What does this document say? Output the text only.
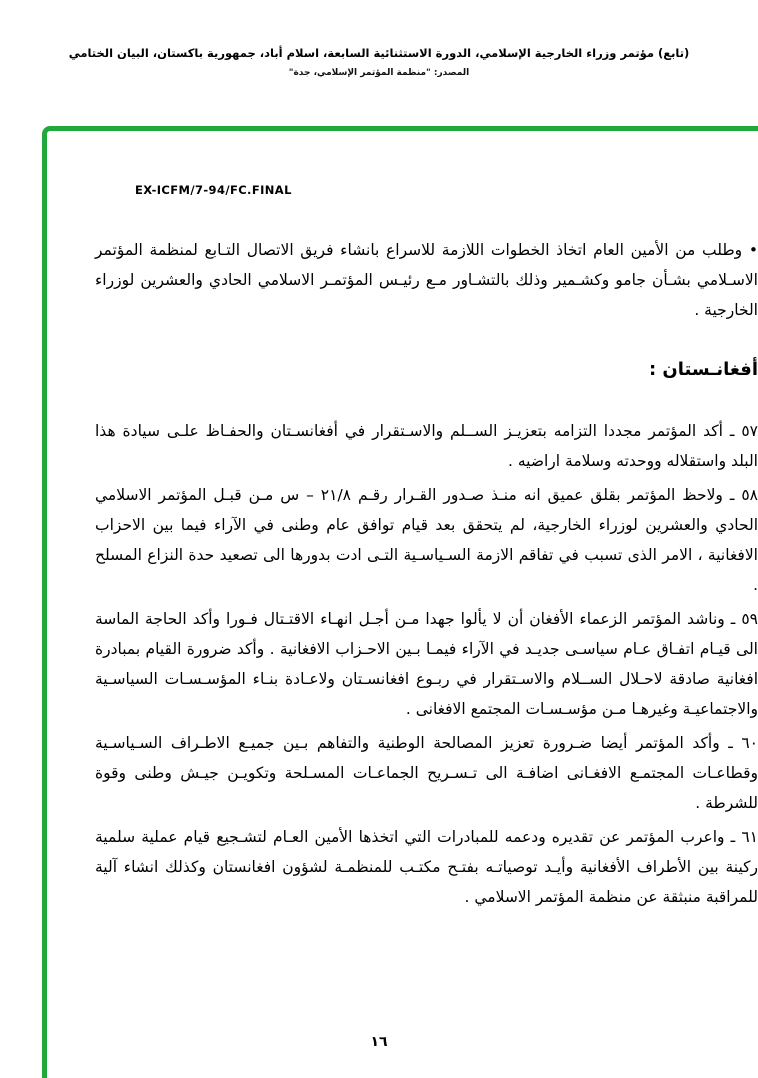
(تابع) مؤتمر وزراء الخارجية الإسلامي، الدورة الاستثنائية السابعة، اسلام أباد، جمهورية باكستان، البيان الختامي
المصدر: "منظمة المؤتمر الإسلامي، جدة"
EX-ICFM/7-94/FC.FINAL

• وطلب من الأمين العام اتخاذ الخطوات اللازمة للاسراع بانشاء فريق الاتصال التـابع لمنظمة المؤتمر الاسـلامي بشـأن جامو وكشـمير وذلك بالتشـاور مـع رئيـس المؤتمـر الاسلامي الحادي والعشرين لوزراء الخارجية .

أفغانـستان :

٥٧ ـ أكد المؤتمر مجددا التزامه بتعزيـز الســلم والاسـتقرار في أفغانسـتان والحفـاظ علـى سيادة هذا البلد واستقلاله ووحدته وسلامة اراضيه .

٥٨ ـ ولاحظ المؤتمر بقلق عميق انه منـذ صـدور القـرار رقـم ٢١/٨ – س مـن قبـل المؤتمر الاسلامي الحادي والعشرين لوزراء الخارجية، لم يتحقق بعد قيام توافق عام وطنى في الآراء فيما بين الاحزاب الافغانية ، الامر الذى تسبب في تفاقم الازمة السـياسـية التـى ادت بدورها الى تصعيد حدة النزاع المسلح .

٥٩ ـ وناشد المؤتمر الزعماء الأفغان أن لا يألوا جهدا مـن أجـل انهـاء الاقتـتال فـورا وأكد الحاجة الماسة الى قيـام اتفـاق عـام سياسـى جديـد في الآراء فيمـا بـين الاحـزاب الافغانية . وأكد ضرورة القيام بمبادرة افغانية صادقة لاحـلال الســلام والاسـتقرار في ربـوع افغانسـتان ولاعـادة بنـاء المؤسـسـات السياسـية والاجتماعيـة وغيرهـا مـن مؤسـسـات المجتمع الافغانى .

٦٠ ـ وأكد المؤتمر أيضا ضـرورة تعزيز المصالحة الوطنية والتفاهم بـين جميـع الاطـراف السـياسـية وقطاعـات المجتمـع الافغـانى اضافـة الى تـسـريح الجماعـات المسـلحة وتكويـن جيـش وطنى وقوة للشرطة .

٦١ ـ واعرب المؤتمر عن تقديره ودعمه للمبادرات التي اتخذها الأمين العـام لتشـجيع قيام عملية سلمية ركينة بين الأطراف الأفغانية وأيـد توصياتـه بفتـح مكتـب للمنظمـة لشؤون افغانستان وكذلك انشاء آلية للمراقبة منبثقة عن منظمة المؤتمر الاسلامي .

١٦
